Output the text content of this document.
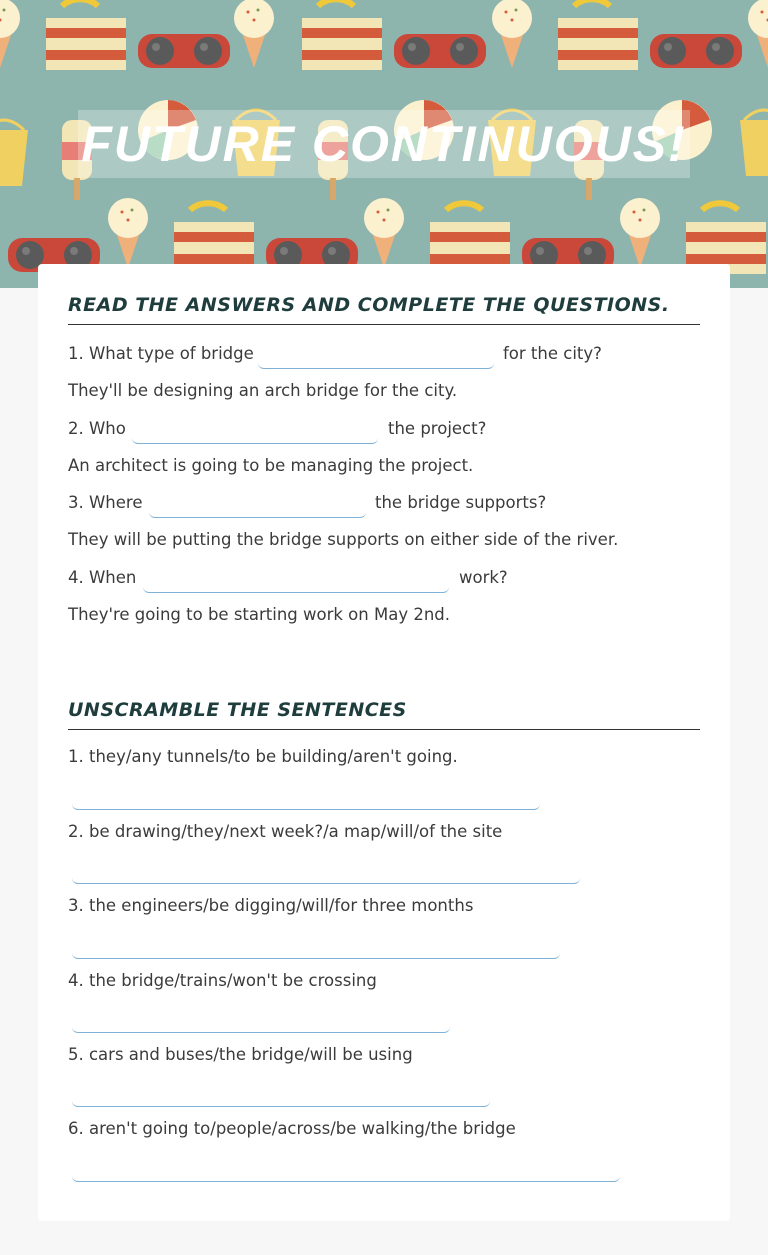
FUTURE CONTINUOUS!
READ THE ANSWERS AND COMPLETE THE QUESTIONS.
1. What type of bridge	for the city?
They'll be designing an arch bridge for the city.
2. Who	the project?
An architect is going to be managing the project.
3. Where	the bridge supports?
They will be putting the bridge supports on either side of the river.
4. When	work?
They're going to be starting work on May 2nd.
UNSCRAMBLE THE SENTENCES
1. they/any tunnels/to be building/aren't going.
2. be drawing/they/next week?/a map/will/of the site
3. the engineers/be digging/will/for three months
4. the bridge/trains/won't be crossing
5. cars and buses/the bridge/will be using
6. aren't going to/people/across/be walking/the bridge
